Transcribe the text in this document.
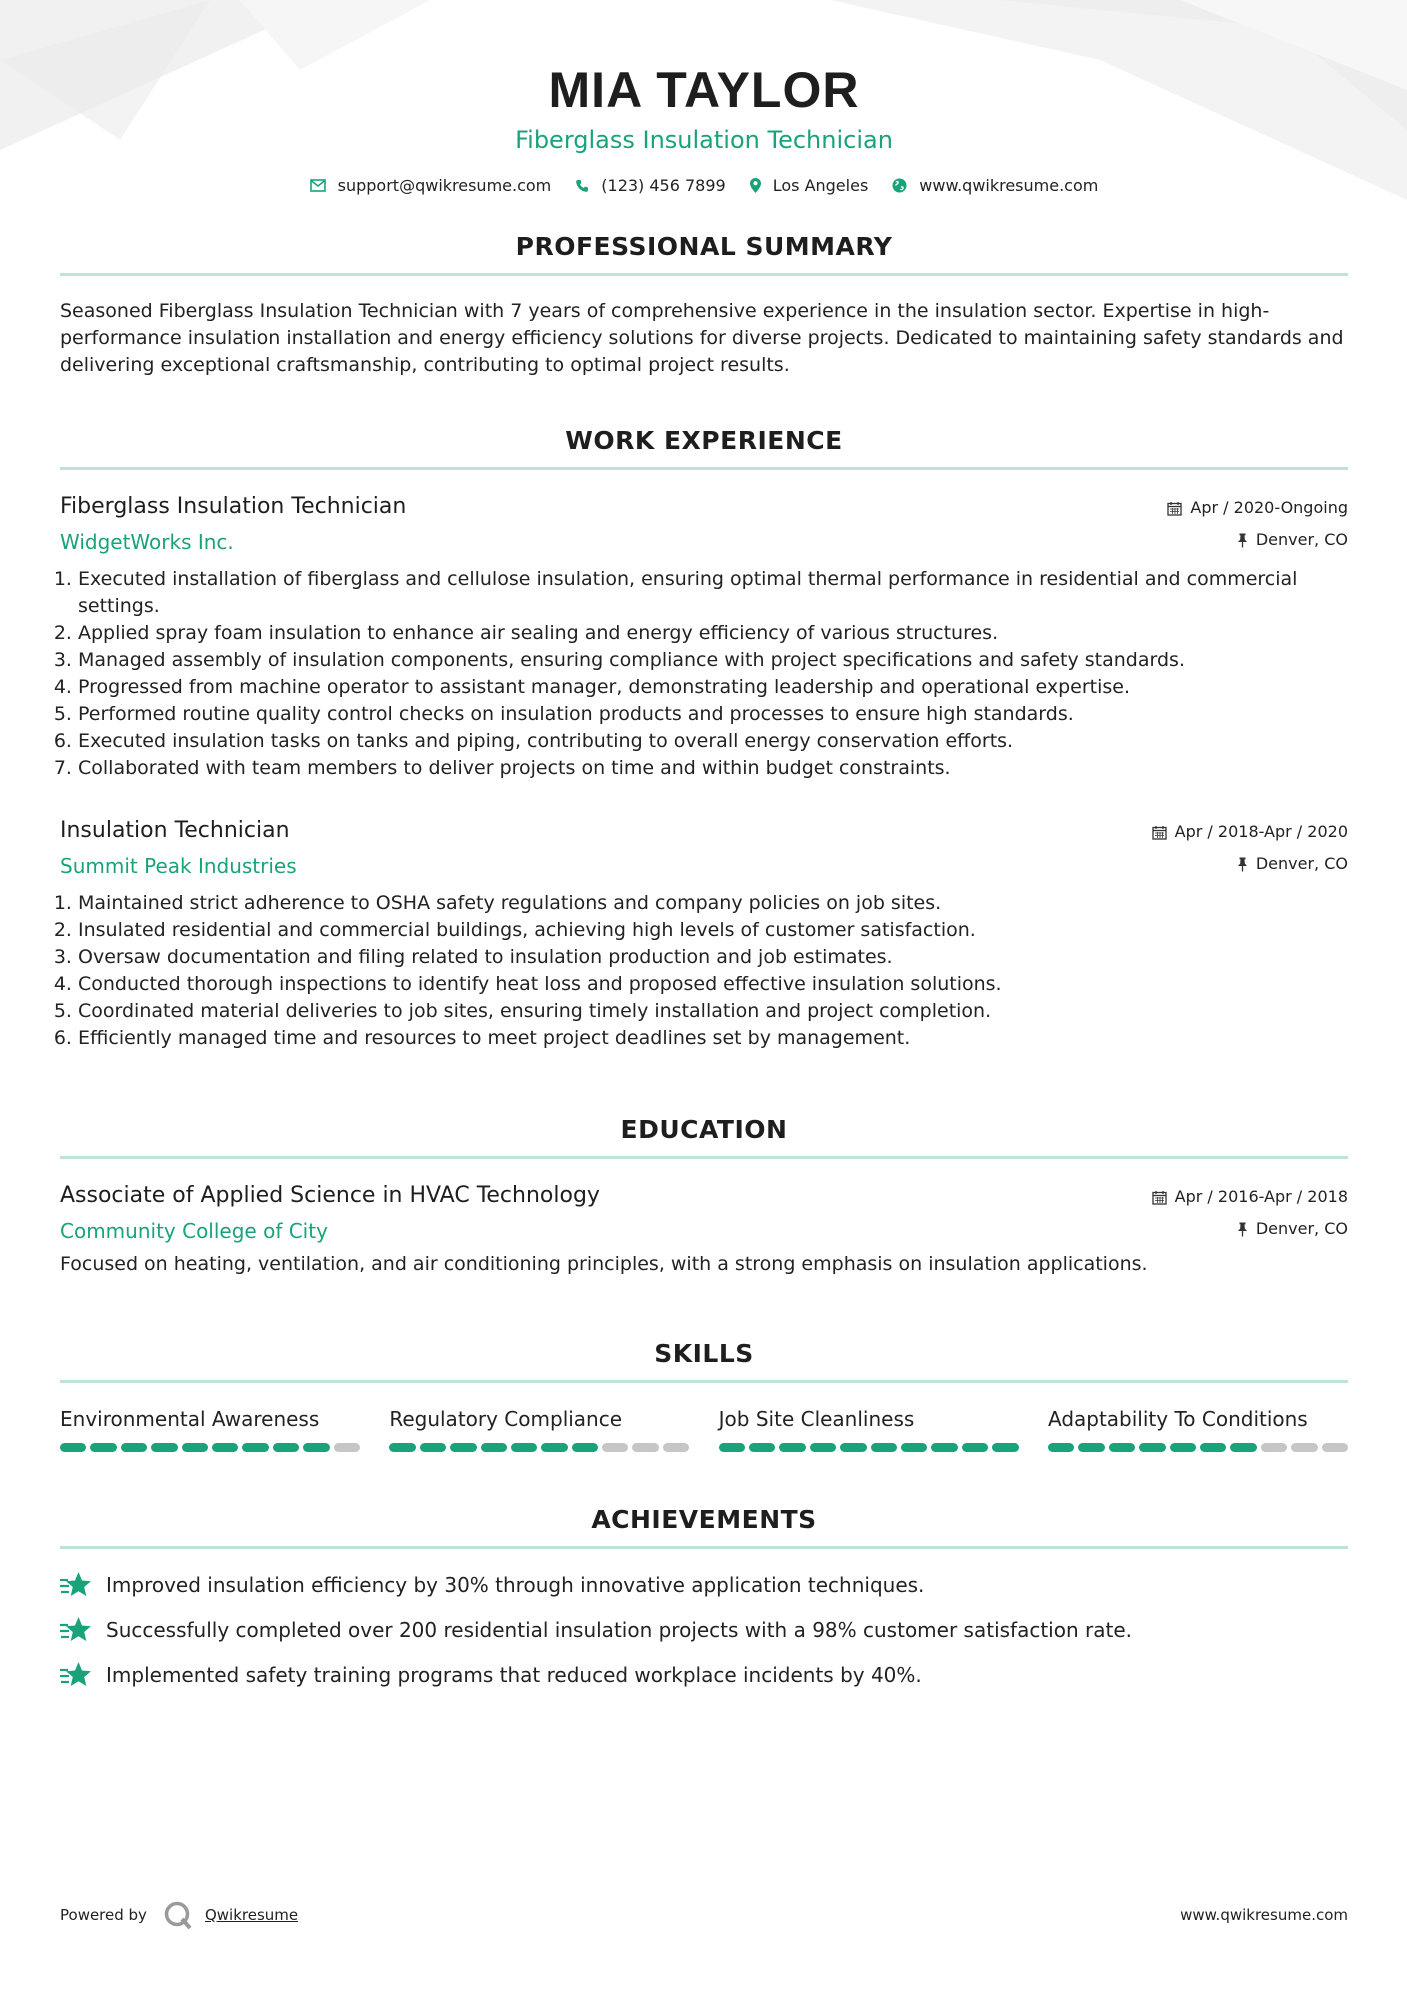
MIA TAYLOR
Fiberglass Insulation Technician
support@qwikresume.com	(123) 456 7899	Los Angeles	www.qwikresume.com
PROFESSIONAL SUMMARY
Seasoned Fiberglass Insulation Technician with 7 years of comprehensive experience in the insulation sector. Expertise in high-performance insulation installation and energy efficiency solutions for diverse projects. Dedicated to maintaining safety standards and delivering exceptional craftsmanship, contributing to optimal project results.
WORK EXPERIENCE
Fiberglass Insulation Technician
WidgetWorks Inc.
Apr / 2020-Ongoing
Denver, CO
1. Executed installation of fiberglass and cellulose insulation, ensuring optimal thermal performance in residential and commercial settings.
2. Applied spray foam insulation to enhance air sealing and energy efficiency of various structures.
3. Managed assembly of insulation components, ensuring compliance with project specifications and safety standards.
4. Progressed from machine operator to assistant manager, demonstrating leadership and operational expertise.
5. Performed routine quality control checks on insulation products and processes to ensure high standards.
6. Executed insulation tasks on tanks and piping, contributing to overall energy conservation efforts.
7. Collaborated with team members to deliver projects on time and within budget constraints.
Insulation Technician
Summit Peak Industries
Apr / 2018-Apr / 2020
Denver, CO
1. Maintained strict adherence to OSHA safety regulations and company policies on job sites.
2. Insulated residential and commercial buildings, achieving high levels of customer satisfaction.
3. Oversaw documentation and filing related to insulation production and job estimates.
4. Conducted thorough inspections to identify heat loss and proposed effective insulation solutions.
5. Coordinated material deliveries to job sites, ensuring timely installation and project completion.
6. Efficiently managed time and resources to meet project deadlines set by management.
EDUCATION
Associate of Applied Science in HVAC Technology
Community College of City
Apr / 2016-Apr / 2018
Denver, CO
Focused on heating, ventilation, and air conditioning principles, with a strong emphasis on insulation applications.
SKILLS
Environmental Awareness	Regulatory Compliance	Job Site Cleanliness	Adaptability To Conditions
ACHIEVEMENTS
Improved insulation efficiency by 30% through innovative application techniques.
Successfully completed over 200 residential insulation projects with a 98% customer satisfaction rate.
Implemented safety training programs that reduced workplace incidents by 40%.
Powered by	Qwikresume	www.qwikresume.com
